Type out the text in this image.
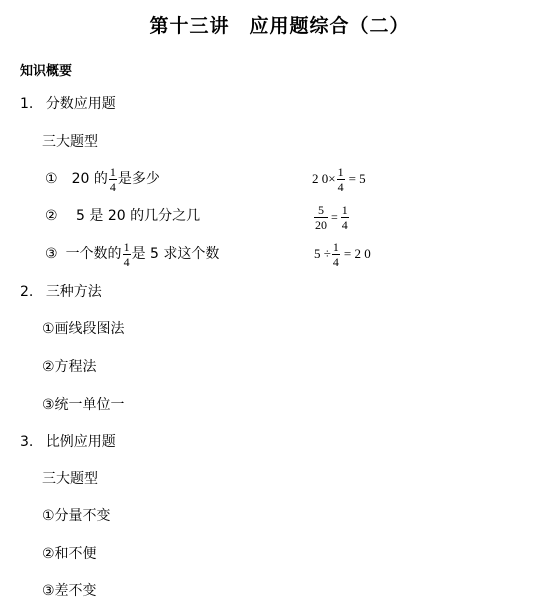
第十三讲　应用题综合（二）
知识概要
1. 分数应用题
三大题型
① 20 的 $\frac{1}{4}$ 是多少	2 $0\times \frac{1}{4} = 5$
② 5 是 20 的几分之几	$\frac{5}{20} = \frac{1}{4}$
③ 一个数的 $\frac{1}{4}$ 是 5 求这个数	$5 \div \frac{1}{4} = 2$ 0
2. 三种方法
①画线段图法
②方程法
③统一单位一
3. 比例应用题
三大题型
①分量不变
②和不便
③差不变
